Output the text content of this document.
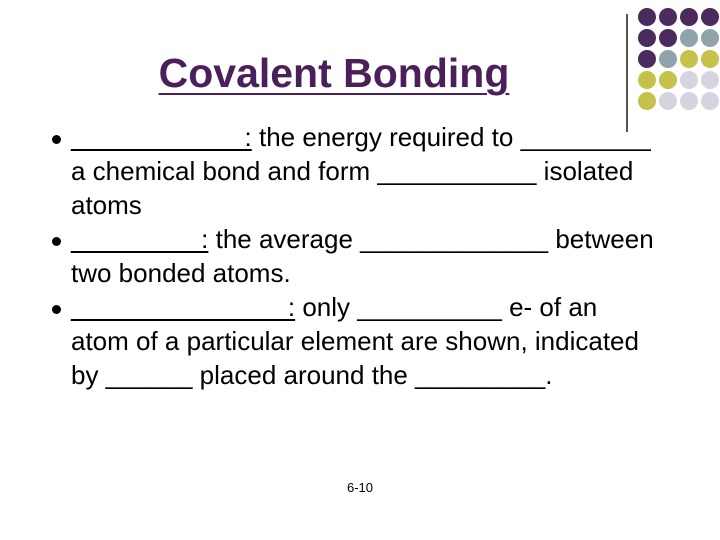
Covalent Bonding
____________: the energy required to _________ a chemical bond and form ___________ isolated atoms
_________: the average _____________ between two bonded atoms.
_______________: only __________ e- of an atom of a particular element are shown, indicated by ______ placed around the _________.
6-10
